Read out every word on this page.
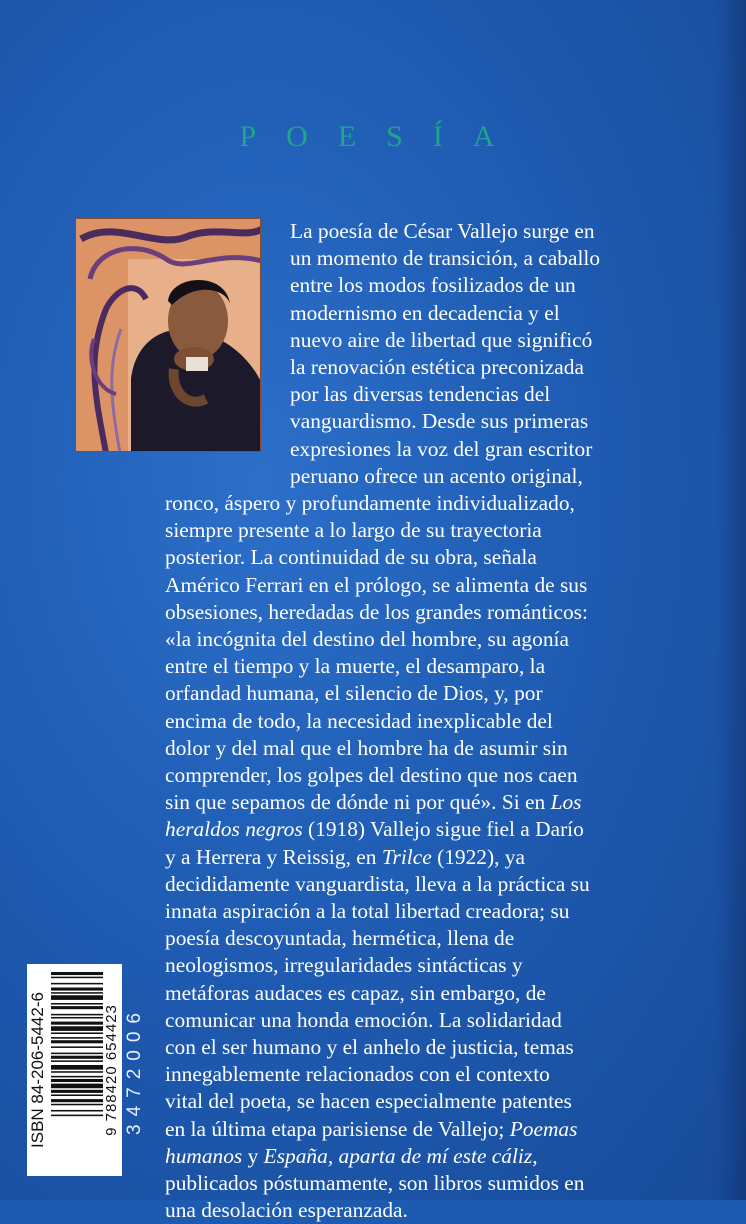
POESÍA
La poesía de César Vallejo surge en
un momento de transición, a caballo
entre los modos fosilizados de un
modernismo en decadencia y el
nuevo aire de libertad que significó
la renovación estética preconizada
por las diversas tendencias del
vanguardismo. Desde sus primeras
expresiones la voz del gran escritor
peruano ofrece un acento original,
ronco, áspero y profundamente individualizado,
siempre presente a lo largo de su trayectoria
posterior. La continuidad de su obra, señala
Américo Ferrari en el prólogo, se alimenta de sus
obsesiones, heredadas de los grandes románticos:
«la incógnita del destino del hombre, su agonía
entre el tiempo y la muerte, el desamparo, la
orfandad humana, el silencio de Dios, y, por
encima de todo, la necesidad inexplicable del
dolor y del mal que el hombre ha de asumir sin
comprender, los golpes del destino que nos caen
sin que sepamos de dónde ni por qué». Si en Los
heraldos negros (1918) Vallejo sigue fiel a Darío
y a Herrera y Reissig, en Trilce (1922), ya
decididamente vanguardista, lleva a la práctica su
innata aspiración a la total libertad creadora; su
poesía descoyuntada, hermética, llena de
neologismos, irregularidades sintácticas y
metáforas audaces es capaz, sin embargo, de
comunicar una honda emoción. La solidaridad
con el ser humano y el anhelo de justicia, temas
innegablemente relacionados con el contexto
vital del poeta, se hacen especialmente patentes
en la última etapa parisiense de Vallejo; Poemas
humanos y España, aparta de mí este cáliz,
publicados póstumamente, son libros sumidos en
una desolación esperanzada.
ISBN 84-206-5442-6	9 788420 654423 3472006
